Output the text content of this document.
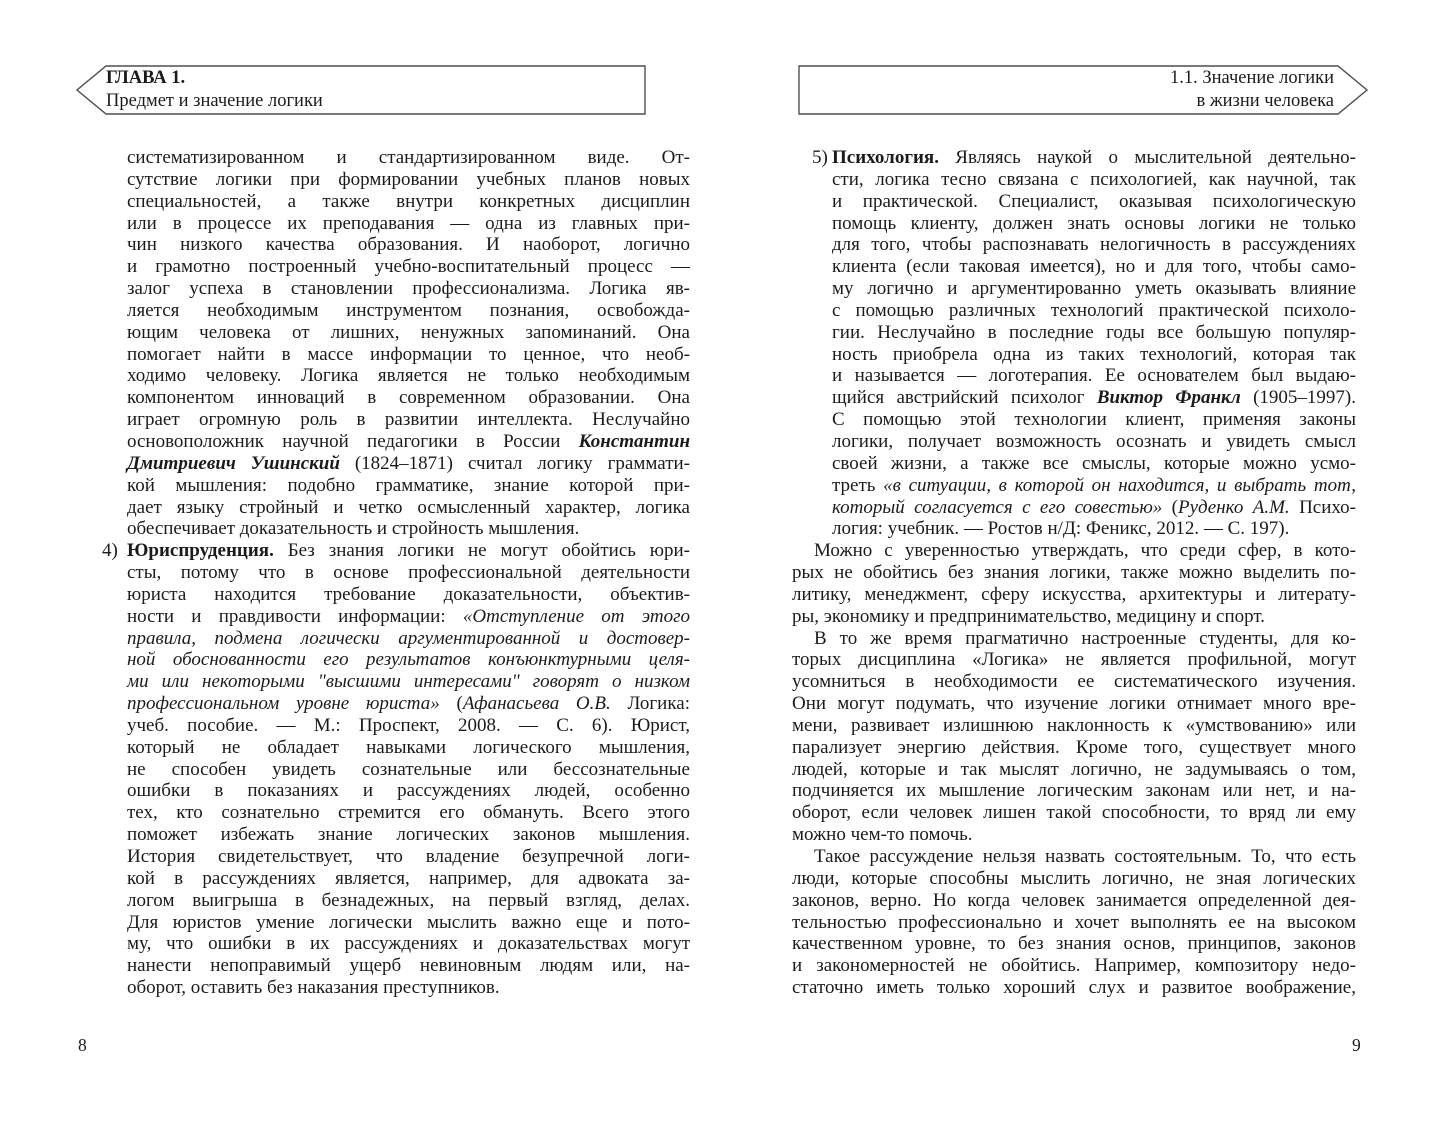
ГЛАВА 1.
Предмет и значение логики
1.1. Значение логики
в жизни человека
систематизированном и стандартизированном виде. От-
сутствие логики при формировании учебных планов новых
специальностей, а также внутри конкретных дисциплин
или в процессе их преподавания — одна из главных при-
чин низкого качества образования. И наоборот, логично
и грамотно построенный учебно-воспитательный процесс —
залог успеха в становлении профессионализма. Логика яв-
ляется необходимым инструментом познания, освобожда-
ющим человека от лишних, ненужных запоминаний. Она
помогает найти в массе информации то ценное, что необ-
ходимо человеку. Логика является не только необходимым
компонентом инноваций в современном образовании. Она
играет огромную роль в развитии интеллекта. Неслучайно
основоположник научной педагогики в России Константин
Дмитриевич Ушинский (1824–1871) считал логику граммати-
кой мышления: подобно грамматике, знание которой при-
дает языку стройный и четко осмысленный характер, логика
обеспечивает доказательность и стройность мышления.
4) Юриспруденция. Без знания логики не могут обойтись юри-
сты, потому что в основе профессиональной деятельности
юриста находится требование доказательности, объектив-
ности и правдивости информации: «Отступление от этого
правила, подмена логически аргументированной и достовер-
ной обоснованности его результатов конъюнктурными целя-
ми или некоторыми "высшими интересами" говорят о низком
профессиональном уровне юриста» (Афанасьева О.В. Логика:
учеб. пособие. — М.: Проспект, 2008. — С. 6). Юрист,
который не обладает навыками логического мышления,
не способен увидеть сознательные или бессознательные
ошибки в показаниях и рассуждениях людей, особенно
тех, кто сознательно стремится его обмануть. Всего этого
поможет избежать знание логических законов мышления.
История свидетельствует, что владение безупречной логи-
кой в рассуждениях является, например, для адвоката за-
логом выигрыша в безнадежных, на первый взгляд, делах.
Для юристов умение логически мыслить важно еще и пото-
му, что ошибки в их рассуждениях и доказательствах могут
нанести непоправимый ущерб невиновным людям или, на-
оборот, оставить без наказания преступников.
5) Психология. Являясь наукой о мыслительной деятельно-
сти, логика тесно связана с психологией, как научной, так
и практической. Специалист, оказывая психологическую
помощь клиенту, должен знать основы логики не только
для того, чтобы распознавать нелогичность в рассуждениях
клиента (если таковая имеется), но и для того, чтобы само-
му логично и аргументированно уметь оказывать влияние
с помощью различных технологий практической психоло-
гии. Неслучайно в последние годы все большую популяр-
ность приобрела одна из таких технологий, которая так
и называется — логотерапия. Ее основателем был выдаю-
щийся австрийский психолог Виктор Франкл (1905–1997).
С помощью этой технологии клиент, применяя законы
логики, получает возможность осознать и увидеть смысл
своей жизни, а также все смыслы, которые можно усмо-
треть «в ситуации, в которой он находится, и выбрать тот,
который согласуется с его совестью» (Руденко А.М. Психо-
логия: учебник. — Ростов н/Д: Феникс, 2012. — С. 197).
Можно с уверенностью утверждать, что среди сфер, в кото-
рых не обойтись без знания логики, также можно выделить по-
литику, менеджмент, сферу искусства, архитектуры и литерату-
ры, экономику и предпринимательство, медицину и спорт.
В то же время прагматично настроенные студенты, для ко-
торых дисциплина «Логика» не является профильной, могут
усомниться в необходимости ее систематического изучения.
Они могут подумать, что изучение логики отнимает много вре-
мени, развивает излишнюю наклонность к «умствованию» или
парализует энергию действия. Кроме того, существует много
людей, которые и так мыслят логично, не задумываясь о том,
подчиняется их мышление логическим законам или нет, и на-
оборот, если человек лишен такой способности, то вряд ли ему
можно чем-то помочь.
Такое рассуждение нельзя назвать состоятельным. То, что есть
люди, которые способны мыслить логично, не зная логических
законов, верно. Но когда человек занимается определенной дея-
тельностью профессионально и хочет выполнять ее на высоком
качественном уровне, то без знания основ, принципов, законов
и закономерностей не обойтись. Например, композитору недо-
статочно иметь только хороший слух и развитое воображение,
8	9
